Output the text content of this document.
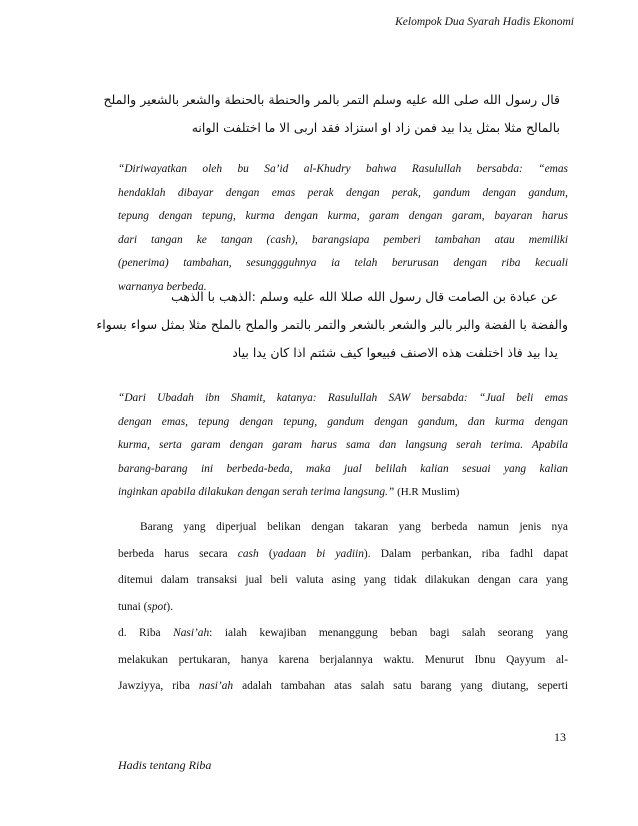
Kelompok Dua Syarah Hadis Ekonomi
قال رسول الله صلى الله عليه وسلم التمر بالمر والحنطة بالحنطة والشعر بالشعير والملح
بالمالح مثلا بمثل يدا بيد فمن زاد او استزاد فقد اربى الا ما اختلفت الوانه

“Diriwayatkan oleh bu Sa’id al-Khudry bahwa Rasulullah bersabda: “emas

hendaklah dibayar dengan emas perak dengan perak, gandum dengan gandum,

tepung dengan tepung, kurma dengan kurma, garam dengan garam, bayaran harus

dari tangan ke tangan (cash), barangsiapa pemberi tambahan atau memiliki

(penerima) tambahan, sesunggguhnya ia telah berurusan dengan riba kecuali

warnanya berbeda.

عن عبادة بن الصامت قال رسول الله صللا الله عليه وسلم :الذهب با الذهب
والفضة با الفضة والبر بالبر والشعر بالشعر والتمر بالتمر والملح بالملح مثلا بمثل سواء بسواء
يدا بيد فاذ اختلفت هذه الاصنف فبيعوا كيف شئتم اذا كان يدا بياد

“Dari Ubadah ibn Shamit, katanya: Rasulullah SAW bersabda: “Jual beli emas

dengan emas, tepung dengan tepung, gandum dengan gandum, dan kurma dengan

kurma, serta garam dengan garam harus sama dan langsung serah terima. Apabila

barang-barang ini berbeda-beda, maka jual belilah kalian sesuai yang kalian

inginkan apabila dilakukan dengan serah terima langsung.” (H.R Muslim)

Barang yang diperjual belikan dengan takaran yang berbeda namun jenis nya

berbeda harus secara cash (yadaan bi yadiin). Dalam perbankan, riba fadhl dapat

ditemui dalam transaksi jual beli valuta asing yang tidak dilakukan dengan cara yang

tunai (spot).

d. Riba Nasi’ah: ialah kewajiban menanggung beban bagi salah seorang yang

melakukan pertukaran, hanya karena berjalannya waktu. Menurut Ibnu Qayyum al-

Jawziyya, riba nasi’ah adalah tambahan atas salah satu barang yang diutang, seperti

13
Hadis tentang Riba
